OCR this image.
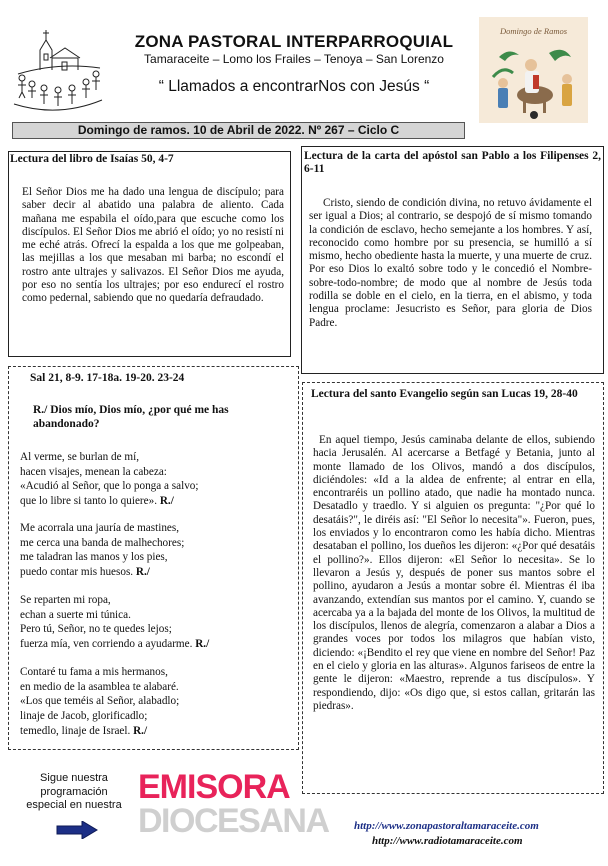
ZONA PASTORAL INTERPARROQUIAL
Tamaraceite – Lomo los Frailes – Tenoya – San Lorenzo
“ Llamados a encontrarNos con Jesús “
Domingo de Ramos
Domingo de ramos. 10 de Abril de 2022. Nº 267 – Ciclo C
Lectura del libro de Isaías 50, 4-7
El Señor Dios me ha dado una lengua de discípulo; para saber decir al abatido una palabra de aliento. Cada mañana me espabila el oído,para que escuche como los discípulos. El Señor Dios me abrió el oído; yo no resistí ni me eché atrás. Ofrecí la espalda a los que me golpeaban, las mejillas a los que mesaban mi barba; no escondí el rostro ante ultrajes y salivazos. El Señor Dios me ayuda, por eso no sentía los ultrajes; por eso endurecí el rostro como pedernal, sabiendo que no quedaría defraudado.
Lectura de la carta del apóstol san Pablo a los Filipenses 2, 6-11
Cristo, siendo de condición divina, no retuvo ávidamente el ser igual a Dios; al contrario, se despojó de sí mismo tomando la condición de esclavo, hecho semejante a los hombres. Y así, reconocido como hombre por su presencia, se humilló a sí mismo, hecho obediente hasta la muerte, y una muerte de cruz. Por eso Dios lo exaltó sobre todo y le concedió el Nombre-sobre-todo-nombre; de modo que al nombre de Jesús toda rodilla se doble en el cielo, en la tierra, en el abismo, y toda lengua proclame: Jesucristo es Señor, para gloria de Dios Padre.
Sal 21, 8-9. 17-18a. 19-20. 23-24
R./ Dios mío, Dios mío, ¿por qué me has abandonado?
Al verme, se burlan de mí,
hacen visajes, menean la cabeza:
«Acudió al Señor, que lo ponga a salvo;
que lo libre si tanto lo quiere». R./
Me acorrala una jauría de mastines,
me cerca una banda de malhechores;
me taladran las manos y los pies,
puedo contar mis huesos. R./
Se reparten mi ropa,
echan a suerte mi túnica.
Pero tú, Señor, no te quedes lejos;
fuerza mía, ven corriendo a ayudarme. R./
Contaré tu fama a mis hermanos,
en medio de la asamblea te alabaré.
«Los que teméis al Señor, alabadlo;
linaje de Jacob, glorificadlo;
temedlo, linaje de Israel. R./
Lectura del santo Evangelio según san Lucas 19, 28-40
En aquel tiempo, Jesús caminaba delante de ellos, subiendo hacia Jerusalén. Al acercarse a Betfagé y Betania, junto al monte llamado de los Olivos, mandó a dos discípulos, diciéndoles: «Id a la aldea de enfrente; al entrar en ella, encontraréis un pollino atado, que nadie ha montado nunca. Desatadlo y traedlo. Y si alguien os pregunta: "¿Por qué lo desatáis?", le diréis así: "El Señor lo necesita"». Fueron, pues, los enviados y lo encontraron como les había dicho. Mientras desataban el pollino, los dueños les dijeron: «¿Por qué desatáis el pollino?». Ellos dijeron: «El Señor lo necesita». Se lo llevaron a Jesús y, después de poner sus mantos sobre el pollino, ayudaron a Jesús a montar sobre él. Mientras él iba avanzando, extendían sus mantos por el camino. Y, cuando se acercaba ya a la bajada del monte de los Olivos, la multitud de los discípulos, llenos de alegría, comenzaron a alabar a Dios a grandes voces por todos los milagros que habían visto, diciendo: «¡Bendito el rey que viene en nombre del Señor! Paz en el cielo y gloria en las alturas». Algunos fariseos de entre la gente le dijeron: «Maestro, reprende a tus discípulos». Y respondiendo, dijo: «Os digo que, si estos callan, gritarán las piedras».
Sigue nuestra programación especial en nuestra EMISORA
DIOCESANA http://www.zonapastoraltamaraceite.com
http://www.radiotamaraceite.com
